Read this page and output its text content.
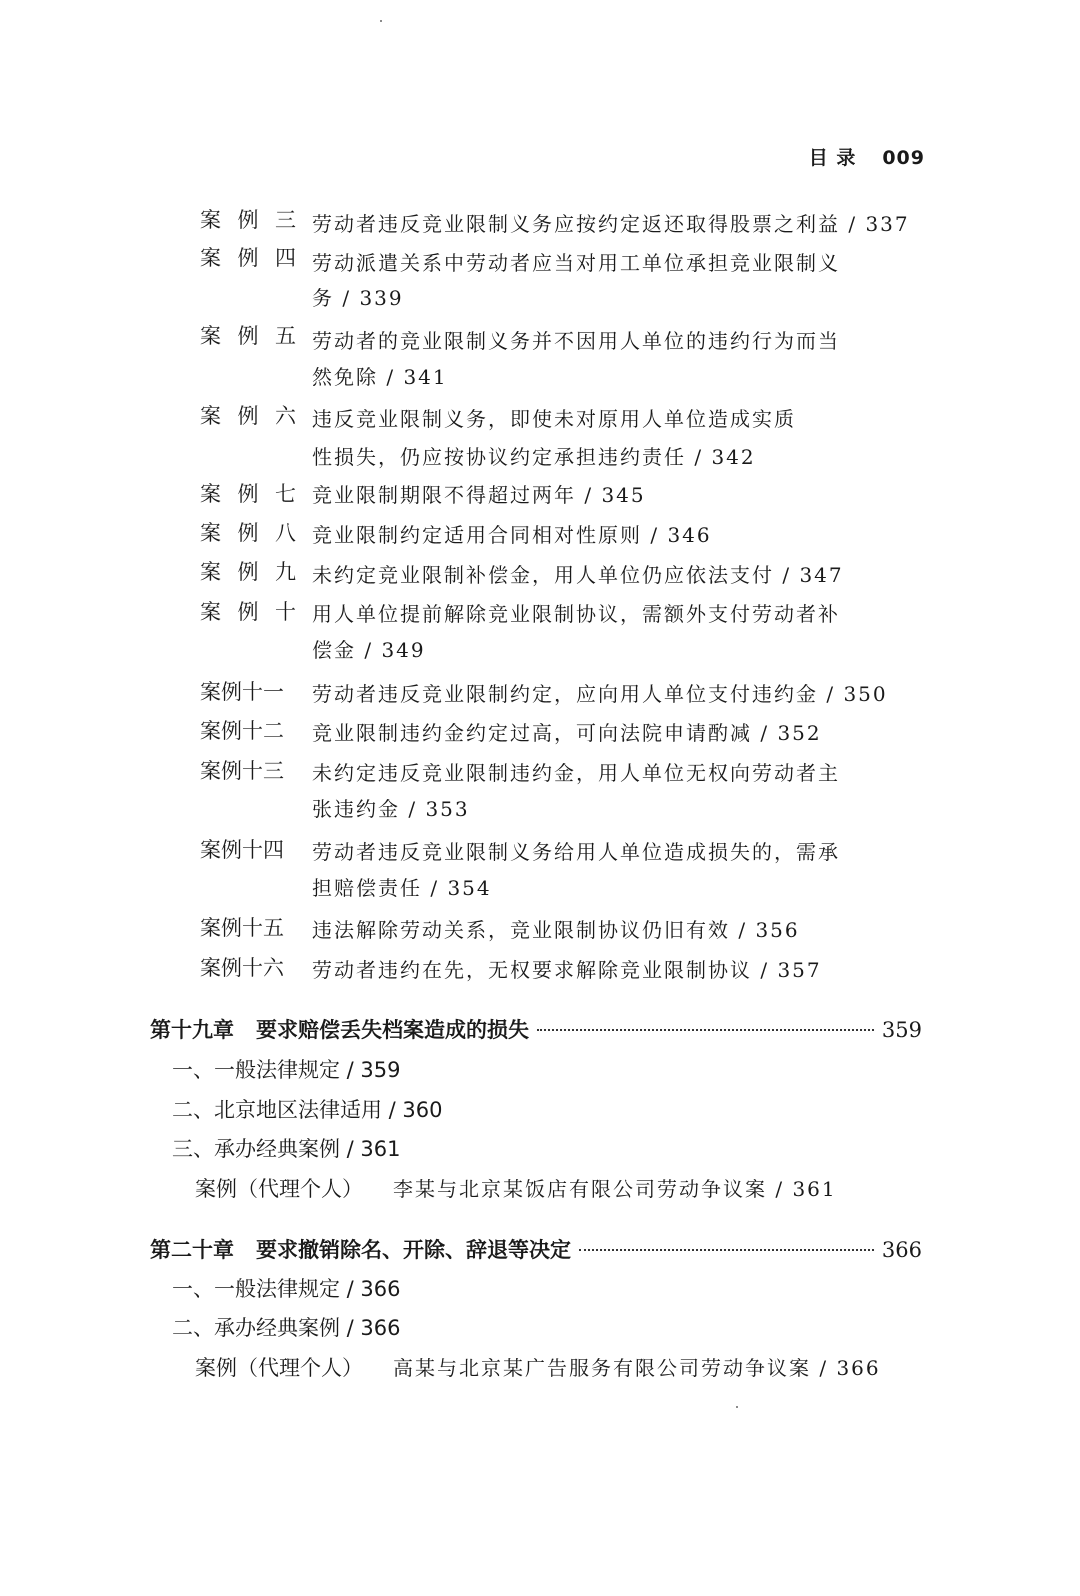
目 录 009
案 例 三 劳动者违反竞业限制义务应按约定返还取得股票之利益 / 337
案 例 四 劳动派遣关系中劳动者应当对用工单位承担竞业限制义
务 / 339
案 例 五 劳动者的竞业限制义务并不因用人单位的违约行为而当
然免除 / 341
案 例 六 违反竞业限制义务，即使未对原用人单位造成实质
性损失，仍应按协议约定承担违约责任 / 342
案 例 七 竞业限制期限不得超过两年 / 345
案 例 八 竞业限制约定适用合同相对性原则 / 346
案 例 九 未约定竞业限制补偿金，用人单位仍应依法支付 / 347
案 例 十 用人单位提前解除竞业限制协议，需额外支付劳动者补
偿金 / 349
案例十一 劳动者违反竞业限制约定，应向用人单位支付违约金 / 350
案例十二 竞业限制违约金约定过高，可向法院申请酌减 / 352
案例十三 未约定违反竞业限制违约金，用人单位无权向劳动者主
张违约金 / 353
案例十四 劳动者违反竞业限制义务给用人单位造成损失的，需承
担赔偿责任 / 354
案例十五 违法解除劳动关系，竞业限制协议仍旧有效 / 356
案例十六 劳动者违约在先，无权要求解除竞业限制协议 / 357
第十九章 要求赔偿丢失档案造成的损失	359
一、一般法律规定 / 359
二、北京地区法律适用 / 360
三、承办经典案例 / 361
案例（代理个人） 李某与北京某饭店有限公司劳动争议案 / 361
第二十章 要求撤销除名、开除、辞退等决定	366
一、一般法律规定 / 366
二、承办经典案例 / 366
案例（代理个人） 高某与北京某广告服务有限公司劳动争议案 / 366
